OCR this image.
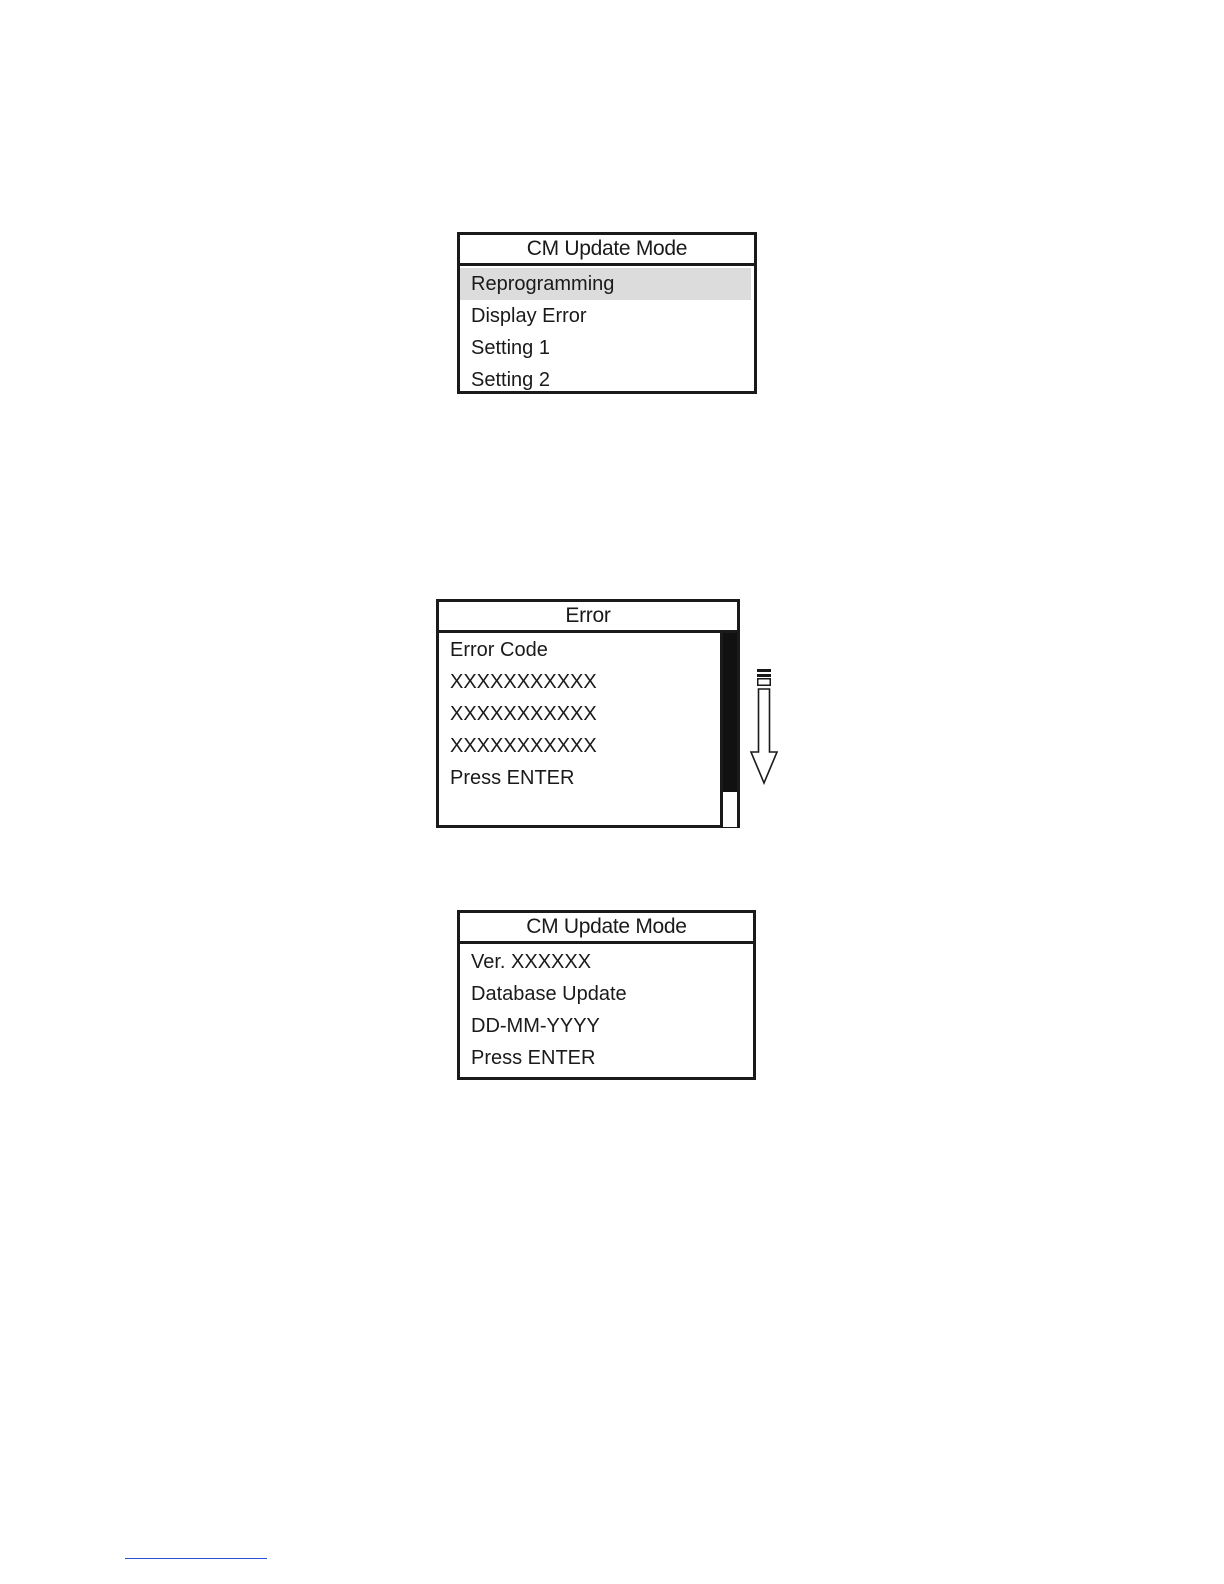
CM Update Mode
Reprogramming
Display Error
Setting 1
Setting 2
Error
Error Code
XXXXXXXXXXX
XXXXXXXXXXX
XXXXXXXXXXX
Press ENTER
CM Update Mode
Ver. XXXXXX
Database Update
DD-MM-YYYY
Press ENTER
